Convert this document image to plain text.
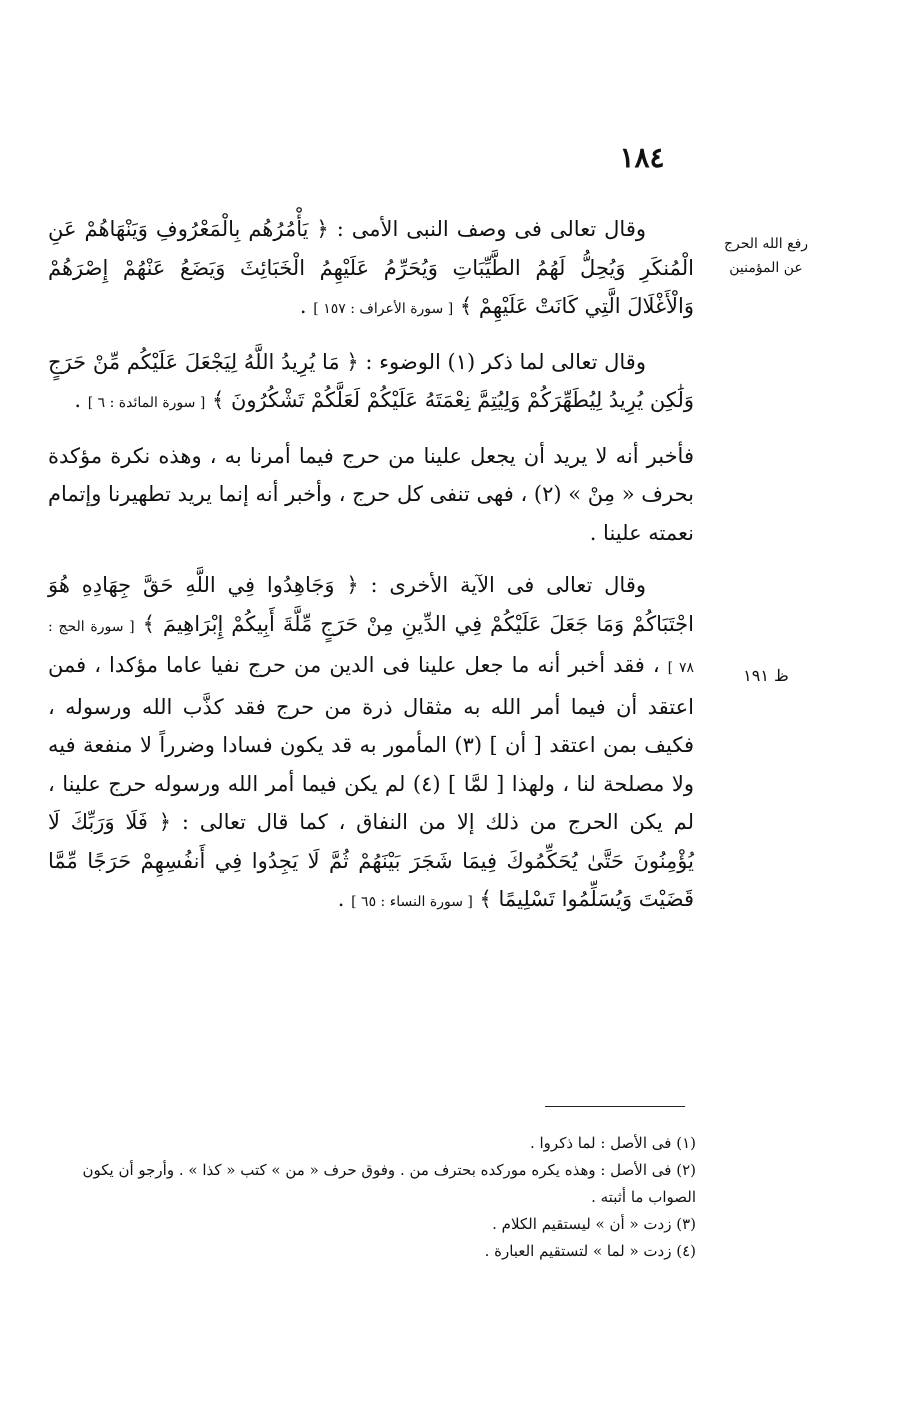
١٨٤
رفع الله الحرج عن المؤمنين
ظ ١٩١

وقال تعالى فى وصف النبى الأمى : ﴿ يَأْمُرُهُم بِالْمَعْرُوفِ وَيَنْهَاهُمْ عَنِ الْمُنكَرِ وَيُحِلُّ لَهُمُ الطَّيِّبَاتِ وَيُحَرِّمُ عَلَيْهِمُ الْخَبَائِثَ وَيَضَعُ عَنْهُمْ إِصْرَهُمْ وَالْأَغْلَالَ الَّتِي كَانَتْ عَلَيْهِمْ ﴾ [ سورة الأعراف : ١٥٧ ] .

وقال تعالى لما ذكر (١) الوضوء : ﴿ مَا يُرِيدُ اللَّهُ لِيَجْعَلَ عَلَيْكُم مِّنْ حَرَجٍ وَلَٰكِن يُرِيدُ لِيُطَهِّرَكُمْ وَلِيُتِمَّ نِعْمَتَهُ عَلَيْكُمْ لَعَلَّكُمْ تَشْكُرُونَ ﴾ [ سورة المائدة : ٦ ] .

فأخبر أنه لا يريد أن يجعل علينا من حرج فيما أمرنا به ، وهذه نكرة مؤكدة بحرف « مِنْ » (٢) ، فهى تنفى كل حرج ، وأخبر أنه إنما يريد تطهيرنا وإتمام نعمته علينا .

وقال تعالى فى الآية الأخرى : ﴿ وَجَاهِدُوا فِي اللَّهِ حَقَّ جِهَادِهِ هُوَ اجْتَبَاكُمْ وَمَا جَعَلَ عَلَيْكُمْ فِي الدِّينِ مِنْ حَرَجٍ مِّلَّةَ أَبِيكُمْ إِبْرَاهِيمَ ﴾ [ سورة الحج : ٧٨ ] ، فقد أخبر أنه ما جعل علينا فى الدين من حرج نفيا عاما مؤكدا ، فمن اعتقد أن فيما أمر الله به مثقال ذرة من حرج فقد كذَّب الله ورسوله ، فكيف بمن اعتقد [ أن ] (٣) المأمور به قد يكون فسادا وضرراً لا منفعة فيه ولا مصلحة لنا ، ولهذا [ لمَّا ] (٤) لم يكن فيما أمر الله ورسوله حرج علينا ، لم يكن الحرج من ذلك إلا من النفاق ، كما قال تعالى : ﴿ فَلَا وَرَبِّكَ لَا يُؤْمِنُونَ حَتَّىٰ يُحَكِّمُوكَ فِيمَا شَجَرَ بَيْنَهُمْ ثُمَّ لَا يَجِدُوا فِي أَنفُسِهِمْ حَرَجًا مِّمَّا قَضَيْتَ وَيُسَلِّمُوا تَسْلِيمًا ﴾ [ سورة النساء : ٦٥ ] .

(١) فى الأصل : لما ذكروا .
(٢) فى الأصل : وهذه يكره موركده بحترف من . وفوق حرف « من » كتب « كذا » . وأرجو أن يكون الصواب ما أثبته .
(٣) زدت « أن » ليستقيم الكلام .
(٤) زدت « لما » لتستقيم العبارة .
